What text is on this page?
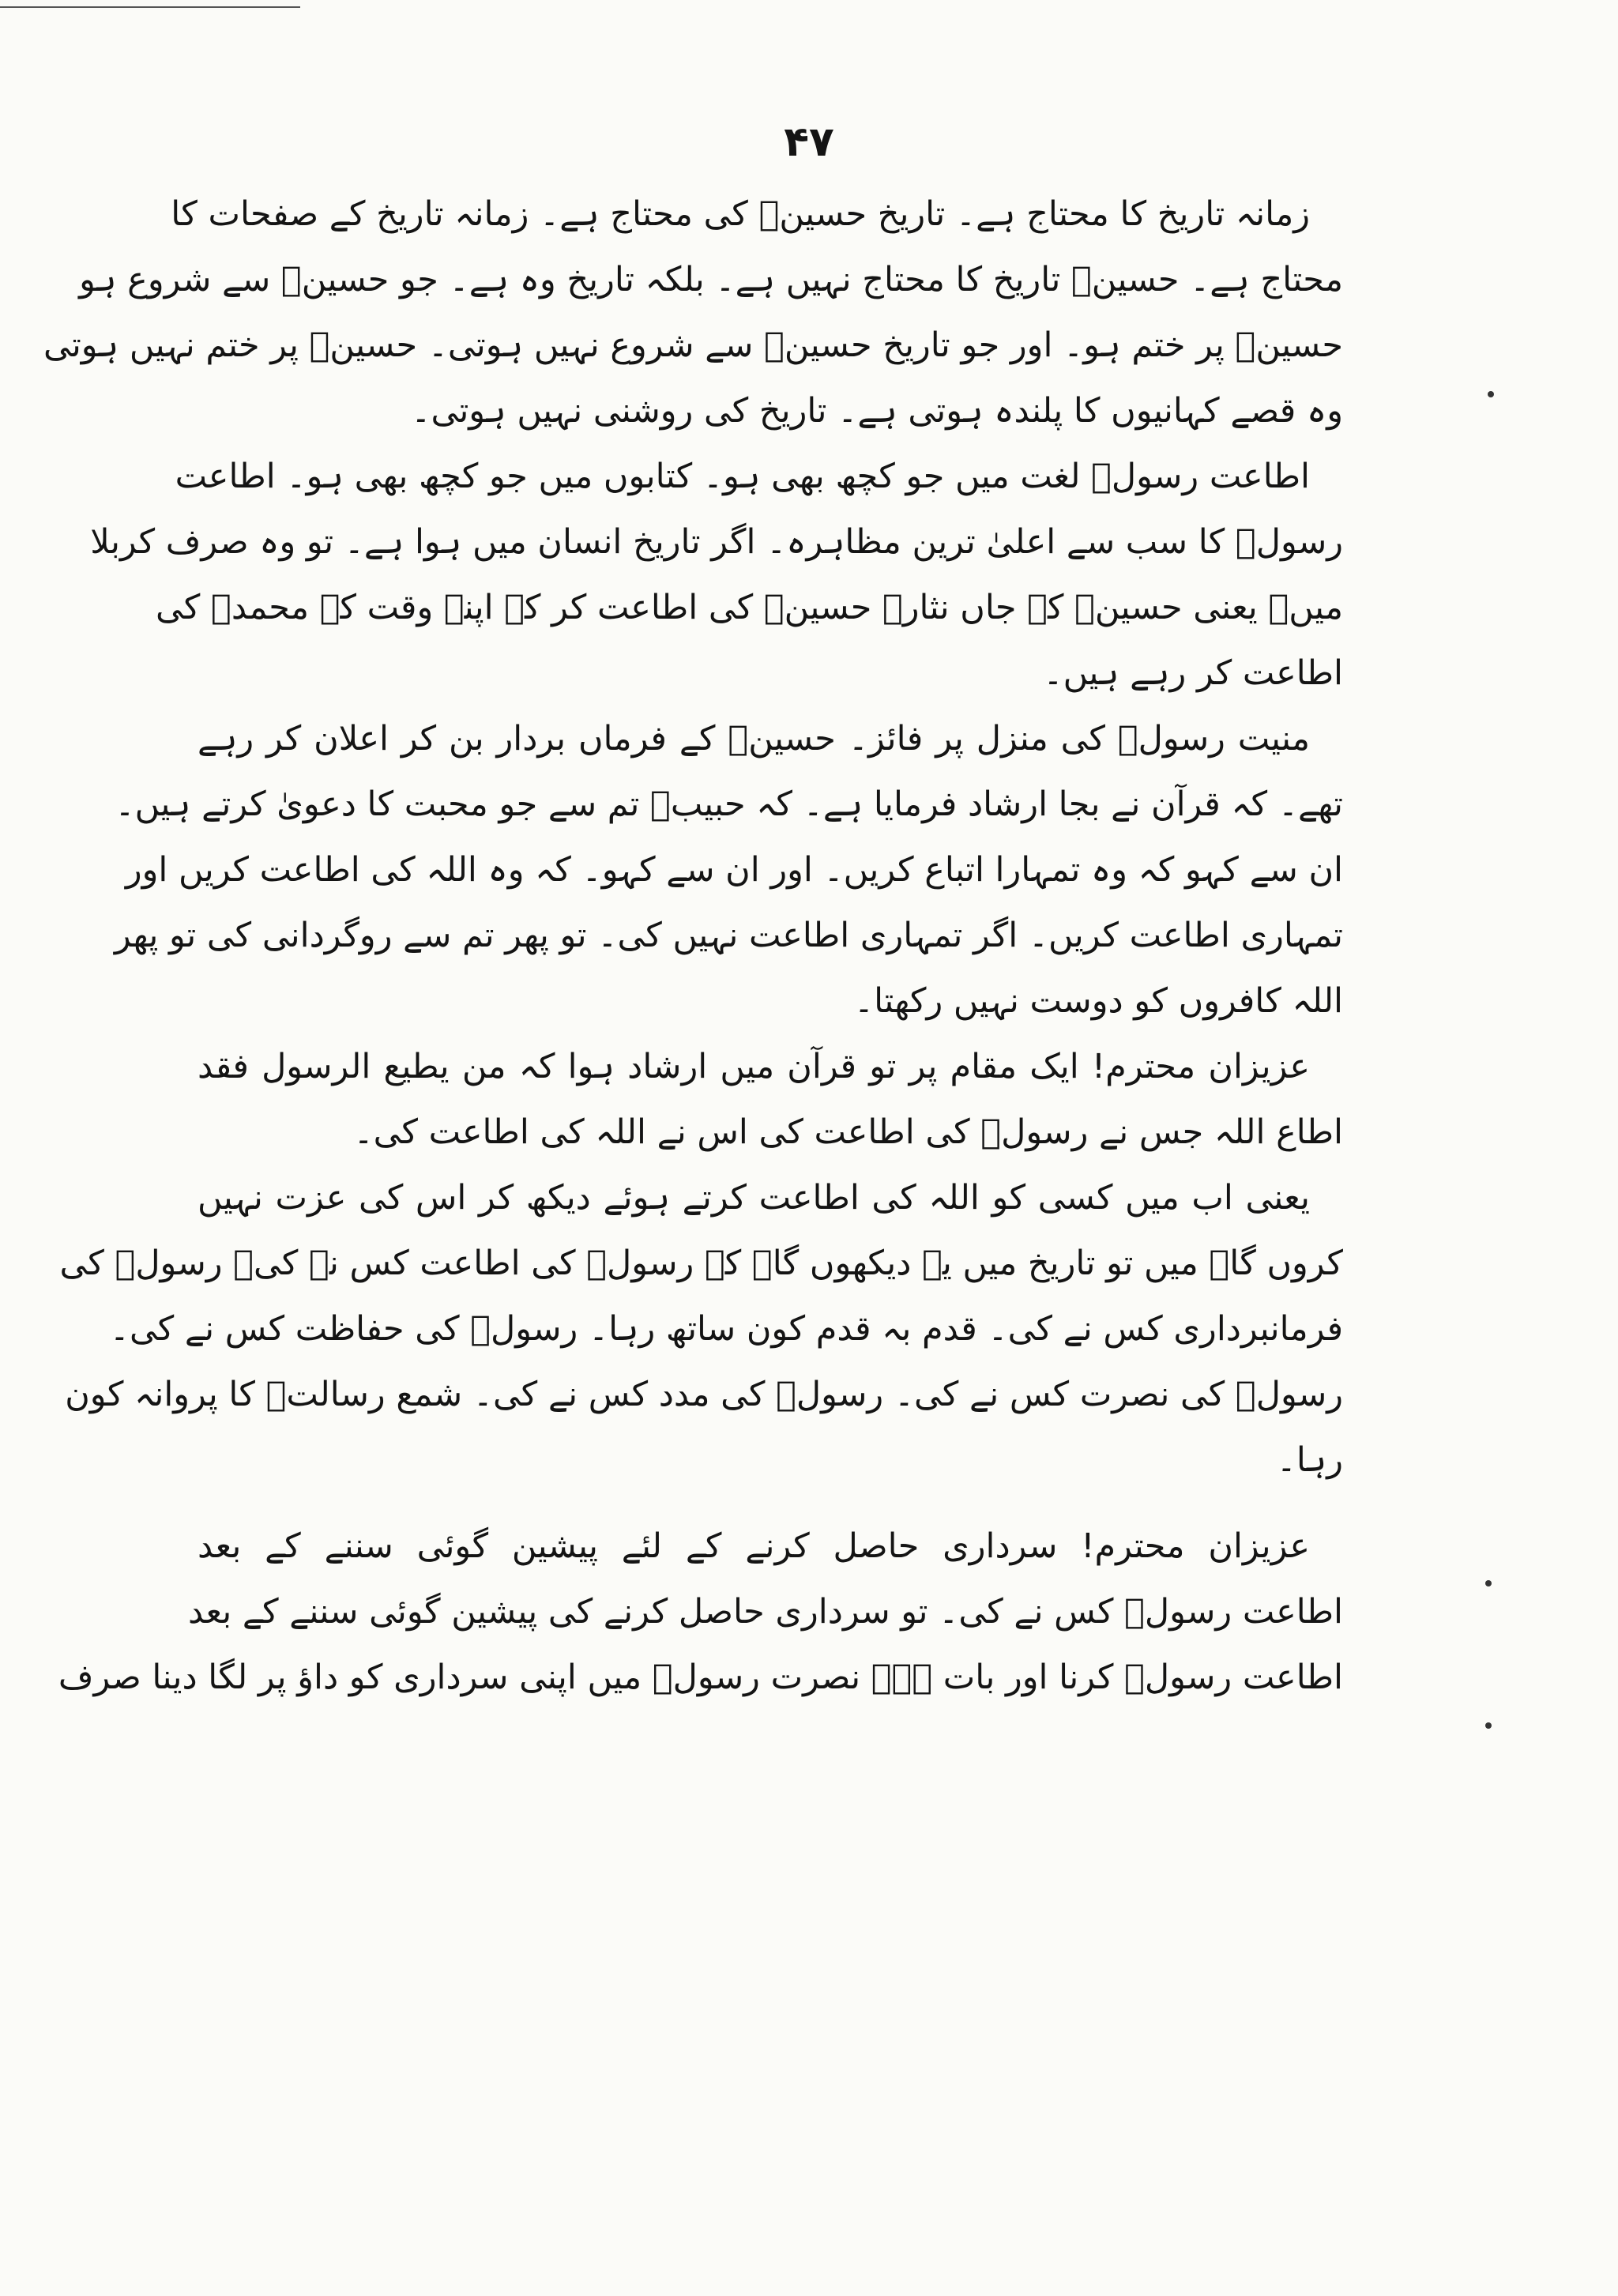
۴۷
زمانہ تاریخ کا محتاج ہے۔ تاریخ حسینؑ کی محتاج ہے۔ زمانہ تاریخ کے صفحات کا
محتاج ہے۔ حسینؑ تاریخ کا محتاج نہیں ہے۔ بلکہ تاریخ وہ ہے۔ جو حسینؑ سے شروع ہو
حسینؑ پر ختم ہو۔ اور جو تاریخ حسینؑ سے شروع نہیں ہوتی۔ حسینؑ پر ختم نہیں ہوتی
وہ قصے کہانیوں کا پلندہ ہوتی ہے۔ تاریخ کی روشنی نہیں ہوتی۔
اطاعت رسولؐ لغت میں جو کچھ بھی ہو۔ کتابوں میں جو کچھ بھی ہو۔ اطاعت
رسولؐ کا سب سے اعلیٰ ترین مظاہرہ۔ اگر تاریخ انسان میں ہوا ہے۔ تو وہ صرف کربلا
میں۔ یعنی حسینؑ کے جاں نثار۔ حسینؑ کی اطاعت کر کے اپنے وقت کے محمدؐ کی
اطاعت کر رہے ہیں۔
منیت رسولؐ کی منزل پر فائز۔ حسینؑ کے فرماں بردار بن کر اعلان کر رہے
تھے۔ کہ قرآن نے بجا ارشاد فرمایا ہے۔ کہ حبیبؐ تم سے جو محبت کا دعویٰ کرتے ہیں۔
ان سے کہو کہ وہ تمہارا اتباع کریں۔ اور ان سے کہو۔ کہ وہ اللہ کی اطاعت کریں اور
تمہاری اطاعت کریں۔ اگر تمہاری اطاعت نہیں کی۔ تو پھر تم سے روگردانی کی تو پھر
اللہ کافروں کو دوست نہیں رکھتا۔
عزیزان محترم! ایک مقام پر تو قرآن میں ارشاد ہوا کہ من یطیع الرسول فقد
اطاع اللہ جس نے رسولؐ کی اطاعت کی اس نے اللہ کی اطاعت کی۔
یعنی اب میں کسی کو اللہ کی اطاعت کرتے ہوئے دیکھ کر اس کی عزت نہیں
کروں گا۔ میں تو تاریخ میں یہ دیکھوں گا۔ کہ رسولؐ کی اطاعت کس نے کی۔ رسولؐ کی
فرمانبرداری کس نے کی۔ قدم بہ قدم کون ساتھ رہا۔ رسولؐ کی حفاظت کس نے کی۔
رسولؐ کی نصرت کس نے کی۔ رسولؐ کی مدد کس نے کی۔ شمع رسالتؐ کا پروانہ کون
رہا۔
عزیزان محترم! سرداری حاصل کرنے کے لئے پیشین گوئی سننے کے بعد
اطاعت رسولؐ کس نے کی۔ تو سرداری حاصل کرنے کی پیشین گوئی سننے کے بعد
اطاعت رسولؐ کرنا اور بات ہے۔ نصرت رسولؐ میں اپنی سرداری کو داؤ پر لگا دینا صرف
